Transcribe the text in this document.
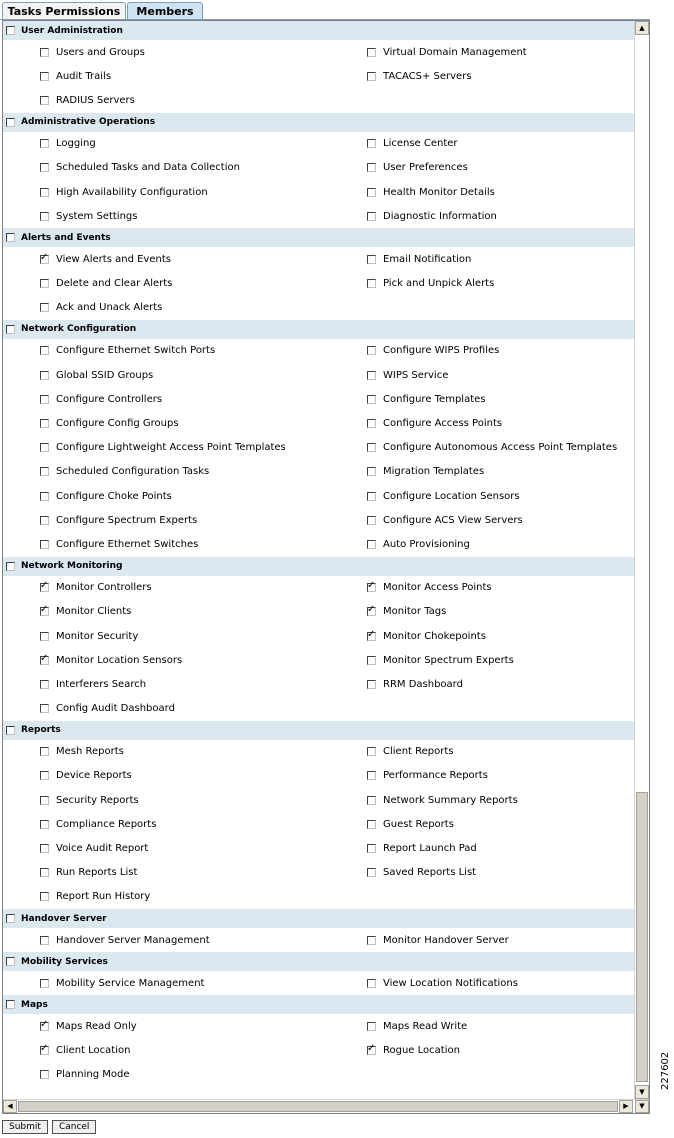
Tasks Permissions	Members
User Administration
Users and Groups	Virtual Domain Management
Audit Trails	TACACS+ Servers
RADIUS Servers
Administrative Operations
Logging	License Center
Scheduled Tasks and Data Collection	User Preferences
High Availability Configuration	Health Monitor Details
System Settings	Diagnostic Information
Alerts and Events
✓
View Alerts and Events	Email Notification
Delete and Clear Alerts	Pick and Unpick Alerts
Ack and Unack Alerts
Network Configuration
Configure Ethernet Switch Ports	Configure WIPS Profiles
Global SSID Groups	WIPS Service
Configure Controllers	Configure Templates
Configure Config Groups	Configure Access Points
Configure Lightweight Access Point Templates	Configure Autonomous Access Point Templates
Scheduled Configuration Tasks	Migration Templates
Configure Choke Points	Configure Location Sensors
Configure Spectrum Experts	Configure ACS View Servers
Configure Ethernet Switches	Auto Provisioning
Network Monitoring
✓
Monitor Controllers ✓	Monitor Access Points
✓
Monitor Clients ✓	Monitor Tags
Monitor Security ✓	Monitor Chokepoints
✓
Monitor Location Sensors	Monitor Spectrum Experts
Interferers Search	RRM Dashboard
Config Audit Dashboard
Reports
Mesh Reports	Client Reports
Device Reports	Performance Reports
Security Reports	Network Summary Reports
Compliance Reports	Guest Reports
Voice Audit Report	Report Launch Pad
Run Reports List	Saved Reports List
Report Run History
Handover Server
Handover Server Management	Monitor Handover Server
Mobility Services
Mobility Service Management	View Location Notifications
Maps
✓
Maps Read Only	Maps Read Write
✓
Client Location ✓	Rogue Location
Planning Mode
▲
▼
◀	▶	▼
Submit	Cancel
227602
